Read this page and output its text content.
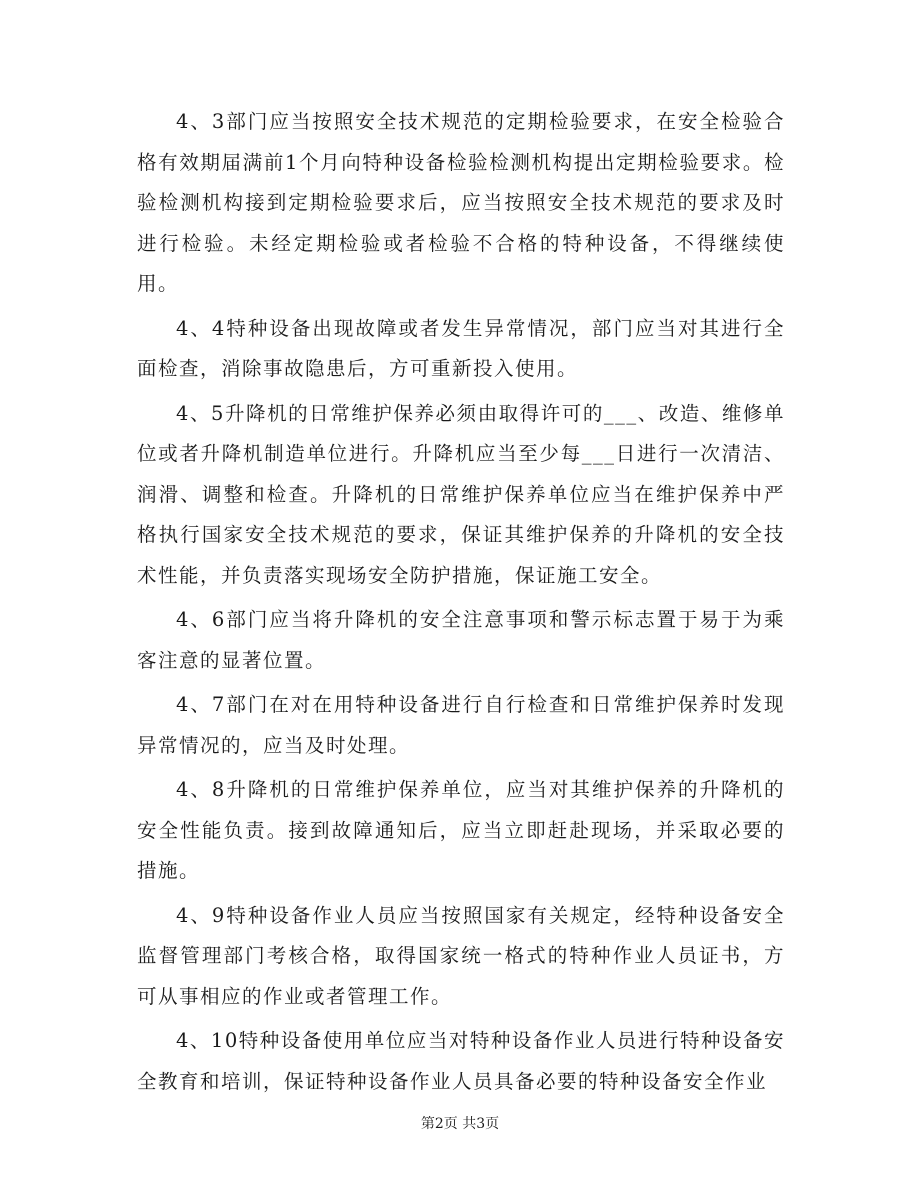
4、3部门应当按照安全技术规范的定期检验要求，在安全检验合格有效期届满前1个月向特种设备检验检测机构提出定期检验要求。检验检测机构接到定期检验要求后，应当按照安全技术规范的要求及时进行检验。未经定期检验或者检验不合格的特种设备，不得继续使用。

4、4特种设备出现故障或者发生异常情况，部门应当对其进行全面检查，消除事故隐患后，方可重新投入使用。

4、5升降机的日常维护保养必须由取得许可的___、改造、维修单位或者升降机制造单位进行。升降机应当至少每___日进行一次清洁、润滑、调整和检查。升降机的日常维护保养单位应当在维护保养中严格执行国家安全技术规范的要求，保证其维护保养的升降机的安全技术性能，并负责落实现场安全防护措施，保证施工安全。

4、6部门应当将升降机的安全注意事项和警示标志置于易于为乘客注意的显著位置。

4、7部门在对在用特种设备进行自行检查和日常维护保养时发现异常情况的，应当及时处理。

4、8升降机的日常维护保养单位，应当对其维护保养的升降机的安全性能负责。接到故障通知后，应当立即赶赴现场，并采取必要的措施。

4、9特种设备作业人员应当按照国家有关规定，经特种设备安全监督管理部门考核合格，取得国家统一格式的特种作业人员证书，方可从事相应的作业或者管理工作。

4、10特种设备使用单位应当对特种设备作业人员进行特种设备安全教育和培训，保证特种设备作业人员具备必要的特种设备安全作业

第2页 共3页
